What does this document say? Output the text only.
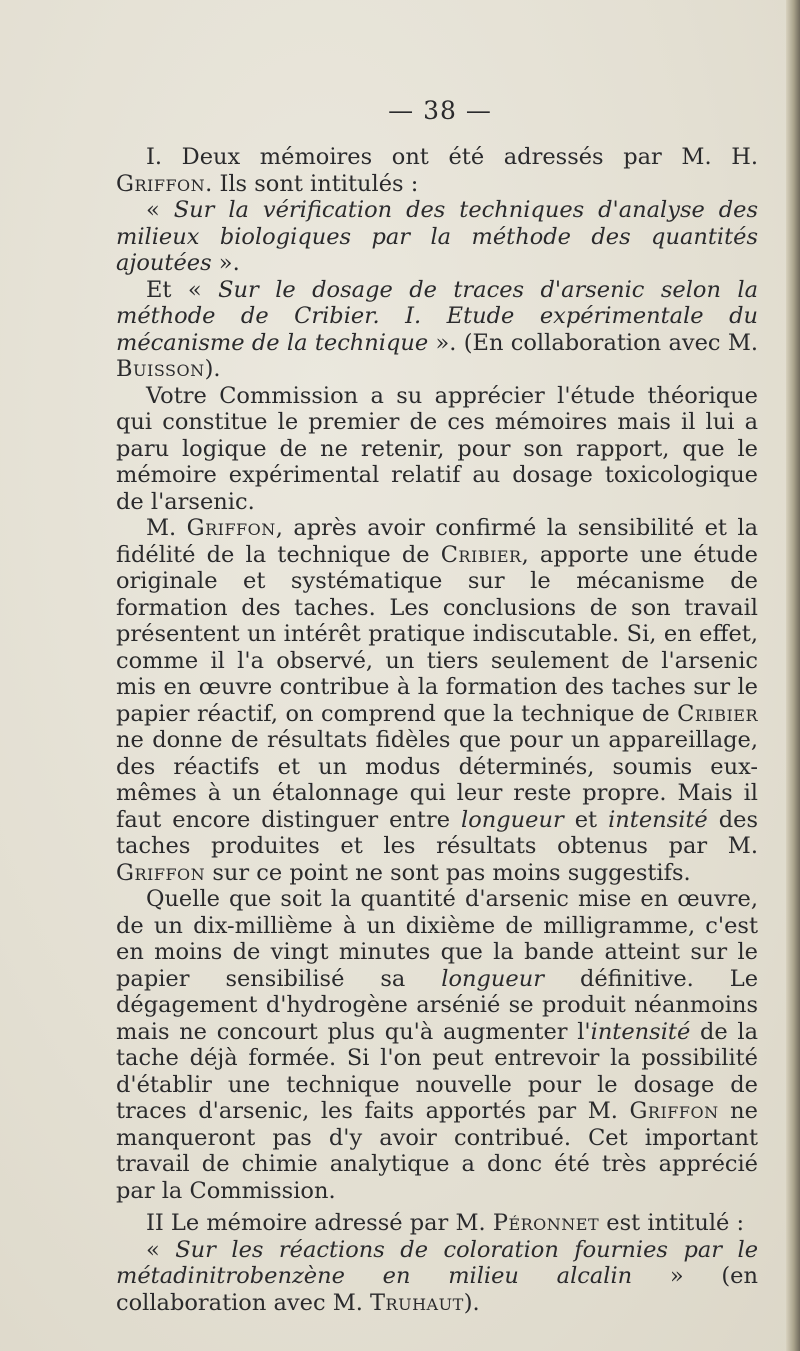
— 38 —

I. Deux mémoires ont été adressés par M. H. Griffon. Ils sont intitulés :

« Sur la vérification des techniques d'analyse des milieux biologiques par la méthode des quantités ajoutées ».

Et « Sur le dosage de traces d'arsenic selon la méthode de Cribier. I. Etude expérimentale du mécanisme de la technique ». (En collaboration avec M. Buisson).

Votre Commission a su apprécier l'étude théorique qui constitue le premier de ces mémoires mais il lui a paru logique de ne retenir, pour son rapport, que le mémoire expérimental relatif au dosage toxicologique de l'arsenic.

M. Griffon, après avoir confirmé la sensibilité et la fidélité de la technique de Cribier, apporte une étude originale et systématique sur le mécanisme de formation des taches. Les conclusions de son travail présentent un intérêt pratique indiscutable. Si, en effet, comme il l'a observé, un tiers seulement de l'arsenic mis en œuvre contribue à la formation des taches sur le papier réactif, on comprend que la technique de Cribier ne donne de résultats fidèles que pour un appareillage, des réactifs et un modus déterminés, soumis eux-mêmes à un étalonnage qui leur reste propre. Mais il faut encore distinguer entre longueur et intensité des taches produites et les résultats obtenus par M. Griffon sur ce point ne sont pas moins suggestifs.

Quelle que soit la quantité d'arsenic mise en œuvre, de un dix-millième à un dixième de milligramme, c'est en moins de vingt minutes que la bande atteint sur le papier sensibilisé sa longueur définitive. Le dégagement d'hydrogène arsénié se produit néanmoins mais ne concourt plus qu'à augmenter l'intensité de la tache déjà formée. Si l'on peut entrevoir la possibilité d'établir une technique nouvelle pour le dosage de traces d'arsenic, les faits apportés par M. Griffon ne manqueront pas d'y avoir contribué. Cet important travail de chimie analytique a donc été très apprécié par la Commission.

II Le mémoire adressé par M. Péronnet est intitulé :

« Sur les réactions de coloration fournies par le métadinitrobenzène en milieu alcalin » (en collaboration avec M. Truhaut).
